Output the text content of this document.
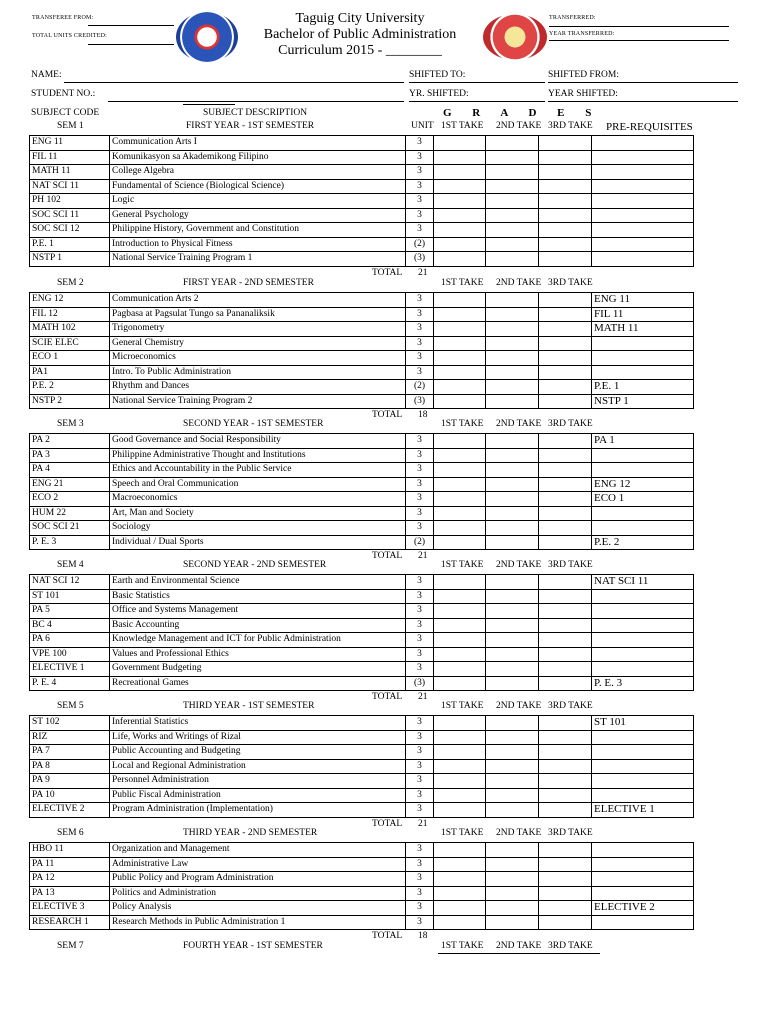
TRANSFEREE FROM:
TOTAL UNITS CREDITED:
Taguig City University
Bachelor of Public Administration
Curriculum 2015 - ________
TRANSFERRED:
YEAR TRANSFERRED:
NAME:	SHIFTED TO:	SHIFTED FROM:
STUDENT NO.:	YR. SHIFTED:	YEAR SHIFTED:
SUBJECT CODE	SUBJECT DESCRIPTION	G R A D E S
SEM 1	FIRST YEAR - 1ST SEMESTER	UNIT 1ST TAKE 2ND TAKE 3RD TAKE PRE-REQUISITES
ENG 11	Communication Arts I	3				
FIL 11	Komunikasyon sa Akademikong Filipino	3				
MATH 11	College Algebra	3				
NAT SCI 11	Fundamental of Science (Biological Science)	3				
PH 102	Logic	3				
SOC SCI 11	General Psychology	3				
SOC SCI 12	Philippine History, Government and Constitution	3				
P.E. 1	Introduction to Physical Fitness	(2)				
NSTP 1	National Service Training Program 1	(3)				
TOTAL 21
SEM 2	FIRST YEAR - 2ND SEMESTER	1ST TAKE 2ND TAKE 3RD TAKE
ENG 12	Communication Arts 2	3				ENG 11
FIL 12	Pagbasa at Pagsulat Tungo sa Pananaliksik	3				FIL 11
MATH 102	Trigonometry	3				MATH 11
SCIE ELEC	General Chemistry	3				
ECO 1	Microeconomics	3				
PA1	Intro. To Public Administration	3				
P.E. 2	Rhythm and Dances	(2)				P.E. 1
NSTP 2	National Service Training Program 2	(3)				NSTP 1
TOTAL 18
SEM 3	SECOND YEAR - 1ST SEMESTER	1ST TAKE 2ND TAKE 3RD TAKE
PA 2	Good Governance and Social Responsibility	3				PA 1
PA 3	Philippine Administrative Thought and Institutions	3				
PA 4	Ethics and Accountability in the Public Service	3				
ENG 21	Speech and Oral Communication	3				ENG 12
ECO 2	Macroeconomics	3				ECO 1
HUM 22	Art, Man and Society	3				
SOC SCI 21	Sociology	3				
P. E. 3	Individual / Dual Sports	(2)				P.E. 2
TOTAL 21
SEM 4	SECOND YEAR - 2ND SEMESTER	1ST TAKE 2ND TAKE 3RD TAKE
NAT SCI 12	Earth and Environmental Science	3				NAT SCI 11
ST 101	Basic Statistics	3				
PA 5	Office and Systems Management	3				
BC 4	Basic Accounting	3				
PA 6	Knowledge Management and ICT for Public Administration	3				
VPE 100	Values and Professional Ethics	3				
ELECTIVE 1	Government Budgeting	3				
P. E. 4	Recreational Games	(3)				P. E. 3
TOTAL 21
SEM 5	THIRD YEAR - 1ST SEMESTER	1ST TAKE 2ND TAKE 3RD TAKE
ST 102	Inferential Statistics	3				ST 101
RIZ	Life, Works and Writings of Rizal	3				
PA 7	Public Accounting and Budgeting	3				
PA 8	Local and Regional Administration	3				
PA 9	Personnel Administration	3				
PA 10	Public Fiscal Administration	3				
ELECTIVE 2	Program Administration (Implementation)	3				ELECTIVE 1
TOTAL 21
SEM 6	THIRD YEAR - 2ND SEMESTER	1ST TAKE 2ND TAKE 3RD TAKE
HBO 11	Organization and Management	3				
PA 11	Administrative Law	3				
PA 12	Public Policy and Program Administration	3				
PA 13	Politics and Administration	3				
ELECTIVE 3	Policy Analysis	3				ELECTIVE 2
RESEARCH 1	Research Methods in Public Administration 1	3				
TOTAL 18
SEM 7	FOURTH YEAR - 1ST SEMESTER	1ST TAKE 2ND TAKE 3RD TAKE
